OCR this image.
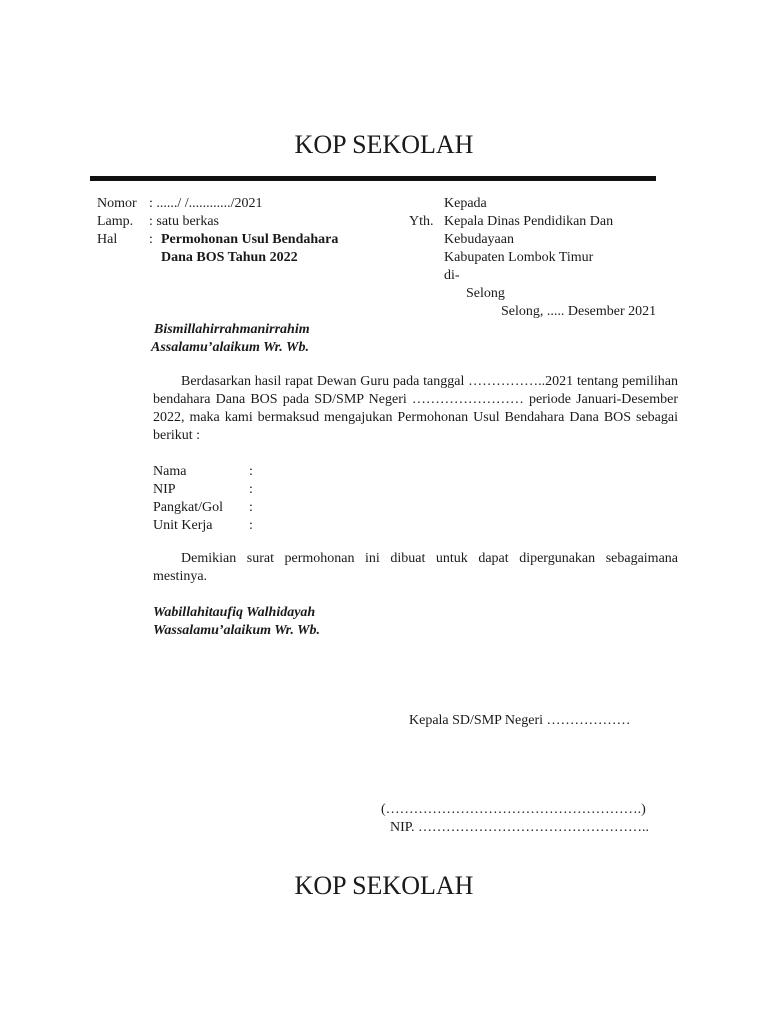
KOP SEKOLAH
Nomor : ....../ /............/2021
Lamp. : satu berkas
Hal : Permohonan Usul Bendahara
Dana BOS Tahun 2022
Kepada
Yth. Kepala Dinas Pendidikan Dan
Kebudayaan
Kabupaten Lombok Timur
di-
Selong
Selong, ..... Desember 2021
Bismillahirrahmanirrahim
Assalamu’alaikum Wr. Wb.
Berdasarkan hasil rapat Dewan Guru pada tanggal ……………..2021 tentang pemilihan bendahara Dana BOS pada SD/SMP Negeri …………………… periode Januari-Desember 2022, maka kami bermaksud mengajukan Permohonan Usul Bendahara Dana BOS sebagai berikut :
Nama	:
NIP	:
Pangkat/Gol :
Unit Kerja	:
Demikian surat permohonan ini dibuat untuk dapat dipergunakan sebagaimana mestinya.
Wabillahitaufiq Walhidayah
Wassalamu’alaikum Wr. Wb.
Kepala SD/SMP Negeri ………………
(……………………………………………….)
NIP. …………………………………………..
KOP SEKOLAH
